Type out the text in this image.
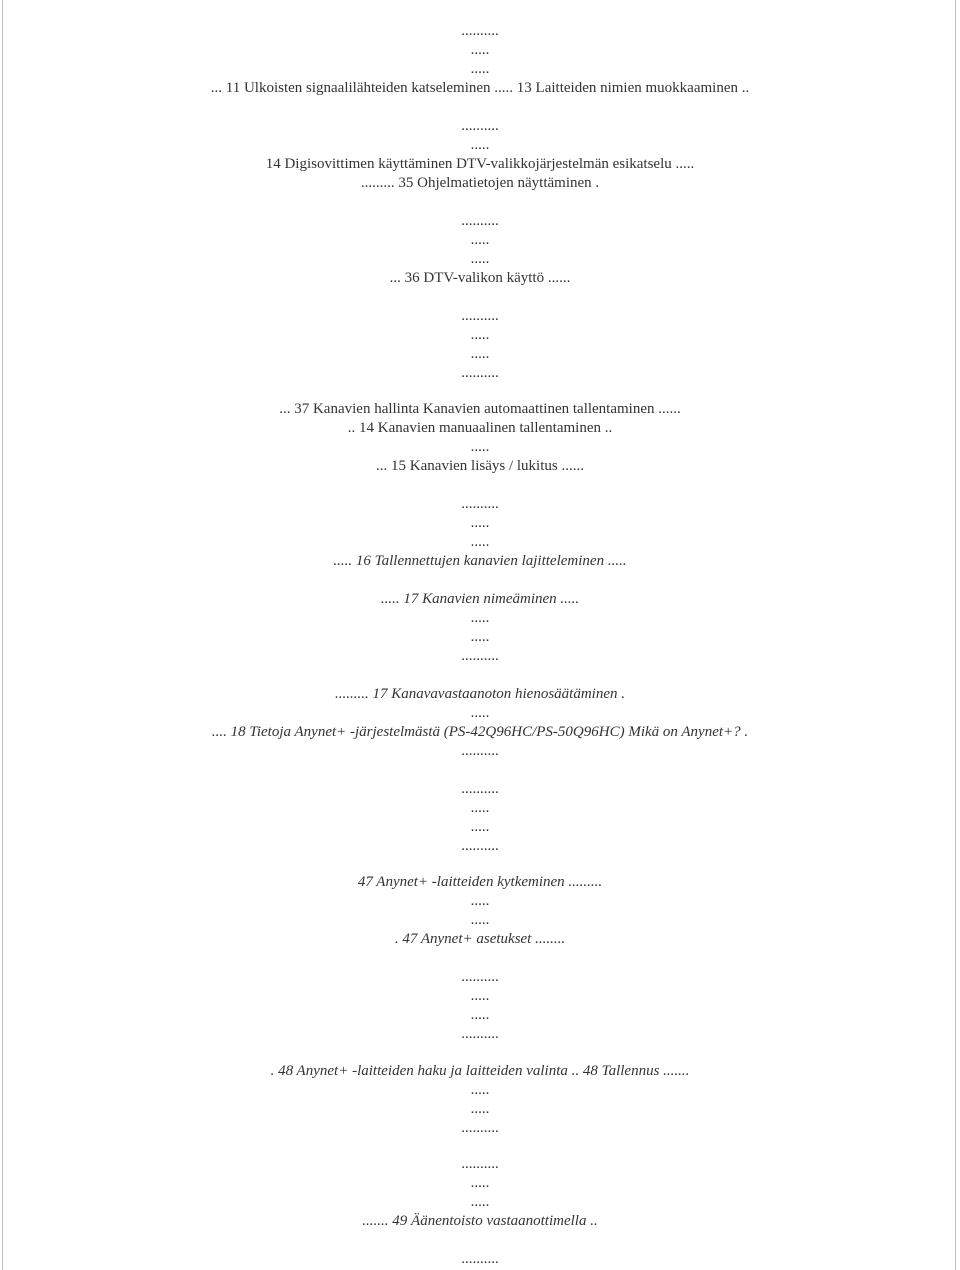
..........
.....
.....
... 11 Ulkoisten signaalilähteiden katseleminen ..... 13 Laitteiden nimien muokkaaminen ..
..........
.....
14 Digisovittimen käyttäminen DTV-valikkojärjestelmän esikatselu .....
......... 35 Ohjelmatietojen näyttäminen .
..........
.....
.....
... 36 DTV-valikon käyttö ......
..........
.....
.....
..........
... 37 Kanavien hallinta Kanavien automaattinen tallentaminen ......
.. 14 Kanavien manuaalinen tallentaminen ..
.....
... 15 Kanavien lisäys / lukitus ......
..........
.....
.....
..... 16 Tallennettujen kanavien lajitteleminen .....
..... 17 Kanavien nimeäminen .....
.....
.....
..........
......... 17 Kanavavastaanoton hienosäätäminen .
.....
.... 18 Tietoja Anynet+ -järjestelmästä (PS-42Q96HC/PS-50Q96HC) Mikä on Anynet+? .
..........
..........
.....
.....
..........
47 Anynet+ -laitteiden kytkeminen .........
.....
.....
. 47 Anynet+ asetukset ........
..........
.....
.....
..........
. 48 Anynet+ -laitteiden haku ja laitteiden valinta .. 48 Tallennus .......
.....
.....
..........
..........
.....
.....
....... 49 Äänentoisto vastaanottimella ..
..........
